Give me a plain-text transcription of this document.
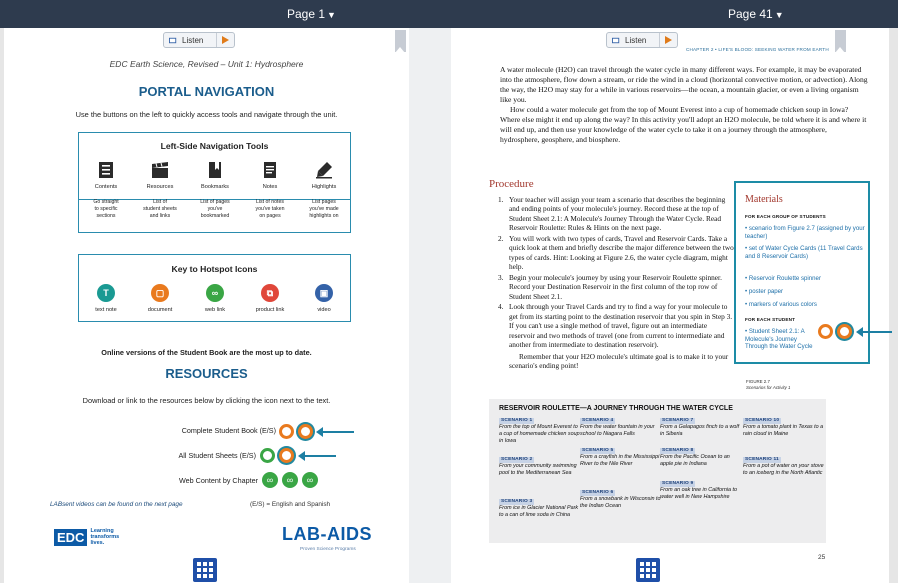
Page 1 ▼	Page 41 ▼
Listen	Listen
EDC Earth Science, Revised – Unit 1: Hydrosphere
PORTAL NAVIGATION
Use the buttons on the left to quickly access tools and navigate through the unit.
Left-Side Navigation Tools
Contents
Go straight
to specific
sections
Resources
List of
student sheets
and links
Bookmarks
List of pages
you've
bookmarked
Notes
List of notes
you've taken
on pages
Highlights
List pages
you've made
highlights on
Key to Hotspot Icons
T
text note
▢
document
∞
web link
⧉
product link
▣
video
Online versions of the Student Book are the most up to date.
RESOURCES
Download or link to the resources below by clicking the icon next to the text.
Complete Student Book (E/S)
All Student Sheets (E/S)
Web Content by Chapter ∞	∞	∞
LABsent videos can be found on the next page	(E/S) = English and Spanish
EDC	Learning
transforms
lives.	LAB-AIDS
Proven Science Programs
CHAPTER 2 • LIFE'S BLOOD: SEEKING WATER FROM EARTH

A water molecule (H2O) can travel through the water cycle in many different ways. For example, it may be evaporated into the atmosphere, flow down a stream, or ride the wind in a cloud (horizontal convective motion, or advection). Along the way, the H2O may stay for a while in various reservoirs—the ocean, a mountain glacier, or even a living organism like you.

How could a water molecule get from the top of Mount Everest into a cup of homemade chicken soup in Iowa? Where else might it end up along the way? In this activity you'll adopt an H2O molecule, be told where it is and where it will end up, and then use your knowledge of the water cycle to take it on a journey through the atmosphere, hydrosphere, geosphere, and biosphere.

Procedure
1. Your teacher will assign your team a scenario that describes the beginning and ending points of your molecule's journey. Record these at the top of Student Sheet 2.1: A Molecule's Journey Through the Water Cycle. Read Reservoir Roulette: Rules & Hints on the next page.
2. You will work with two types of cards, Travel and Reservoir Cards. Take a quick look at them and briefly describe the major difference between the two types of cards. Hint: Looking at Figure 2.6, the water cycle diagram, might help.
3. Begin your molecule's journey by using your Reservoir Roulette spinner. Record your Destination Reservoir in the first column of the top row of Student Sheet 2.1.
4. Look through your Travel Cards and try to find a way for your molecule to get from its starting point to the destination reservoir that you spin in Step 3. If you can't use a single method of travel, figure out an intermediate reservoir and two methods of travel (one from current to intermediate and another from intermediate to destination reservoir).
Remember that your H2O molecule's ultimate goal is to make it to your scenario's ending point!
Materials
FOR EACH GROUP OF STUDENTS
• scenario from Figure 2.7 (assigned by your teacher)
• set of Water Cycle Cards (11 Travel Cards and 8 Reservoir Cards)
• Reservoir Roulette spinner
• poster paper
• markers of various colors
FOR EACH STUDENT
• Student Sheet 2.1: A Molecule's Journey Through the Water Cycle
FIGURE 2.7
Scenarios for Activity 1
RESERVOIR ROULETTE—A JOURNEY THROUGH THE WATER CYCLE
SCENARIO 1
From the top of Mount Everest to a cup of homemade chicken soup in Iowa
SCENARIO 2
From your community swimming pool to the Mediterranean Sea
SCENARIO 3
From ice in Glacier National Park to a can of lime soda in China
SCENARIO 4
From the water fountain in your school to Niagara Falls
SCENARIO 5
From a crayfish in the Mississippi River to the Nile River
SCENARIO 6
From a snowbank in Wisconsin to the Indian Ocean
SCENARIO 7
From a Galapagos finch to a wolf in Siberia
SCENARIO 8
From the Pacific Ocean to an apple pie in Indiana
SCENARIO 9
From an oak tree in California to water well in New Hampshire
SCENARIO 10
From a tomato plant in Texas to a rain cloud in Maine
SCENARIO 11
From a pot of water on your stove to an iceberg in the North Atlantic
25
